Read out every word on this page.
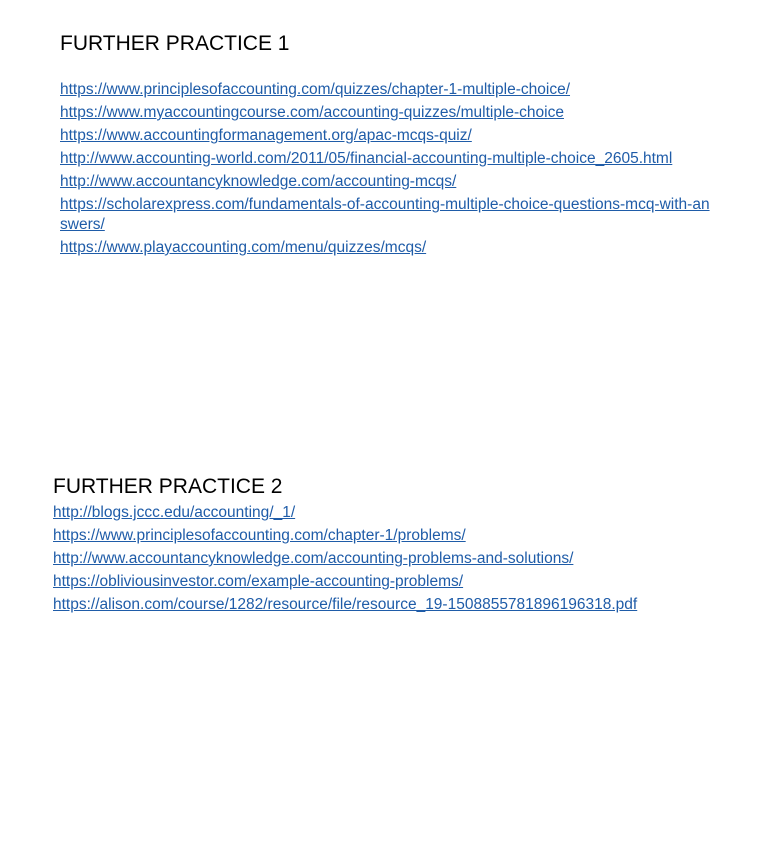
FURTHER PRACTICE 1
https://www.principlesofaccounting.com/quizzes/chapter-1-multiple-choice/
https://www.myaccountingcourse.com/accounting-quizzes/multiple-choice
https://www.accountingformanagement.org/apac-mcqs-quiz/
http://www.accounting-world.com/2011/05/financial-accounting-multiple-choice_2605.html
http://www.accountancyknowledge.com/accounting-mcqs/
https://scholarexpress.com/fundamentals-of-accounting-multiple-choice-questions-mcq-with-answers/
https://www.playaccounting.com/menu/quizzes/mcqs/
FURTHER PRACTICE 2
http://blogs.jccc.edu/accounting/_1/
https://www.principlesofaccounting.com/chapter-1/problems/
http://www.accountancyknowledge.com/accounting-problems-and-solutions/
https://obliviousinvestor.com/example-accounting-problems/
https://alison.com/course/1282/resource/file/resource_19-1508855781896196318.pdf
